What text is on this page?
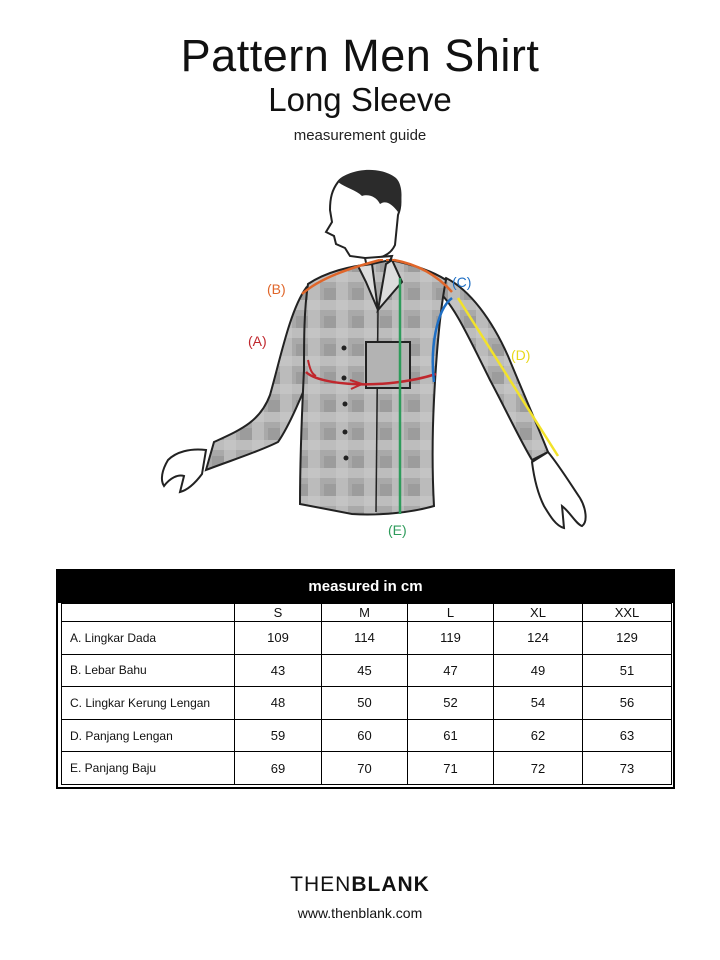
Pattern Men Shirt
Long Sleeve
measurement guide
(A)
(B)	(C)
(D)
(E)
measured in cm
	S	M	L	XL	XXL
A. Lingkar Dada	109	114	119	124	129
B. Lebar Bahu	43	45	47	49	51
C. Lingkar Kerung Lengan	48	50	52	54	56
D. Panjang Lengan	59	60	61	62	63
E. Panjang Baju	69	70	71	72	73
THENBLANK
www.thenblank.com
